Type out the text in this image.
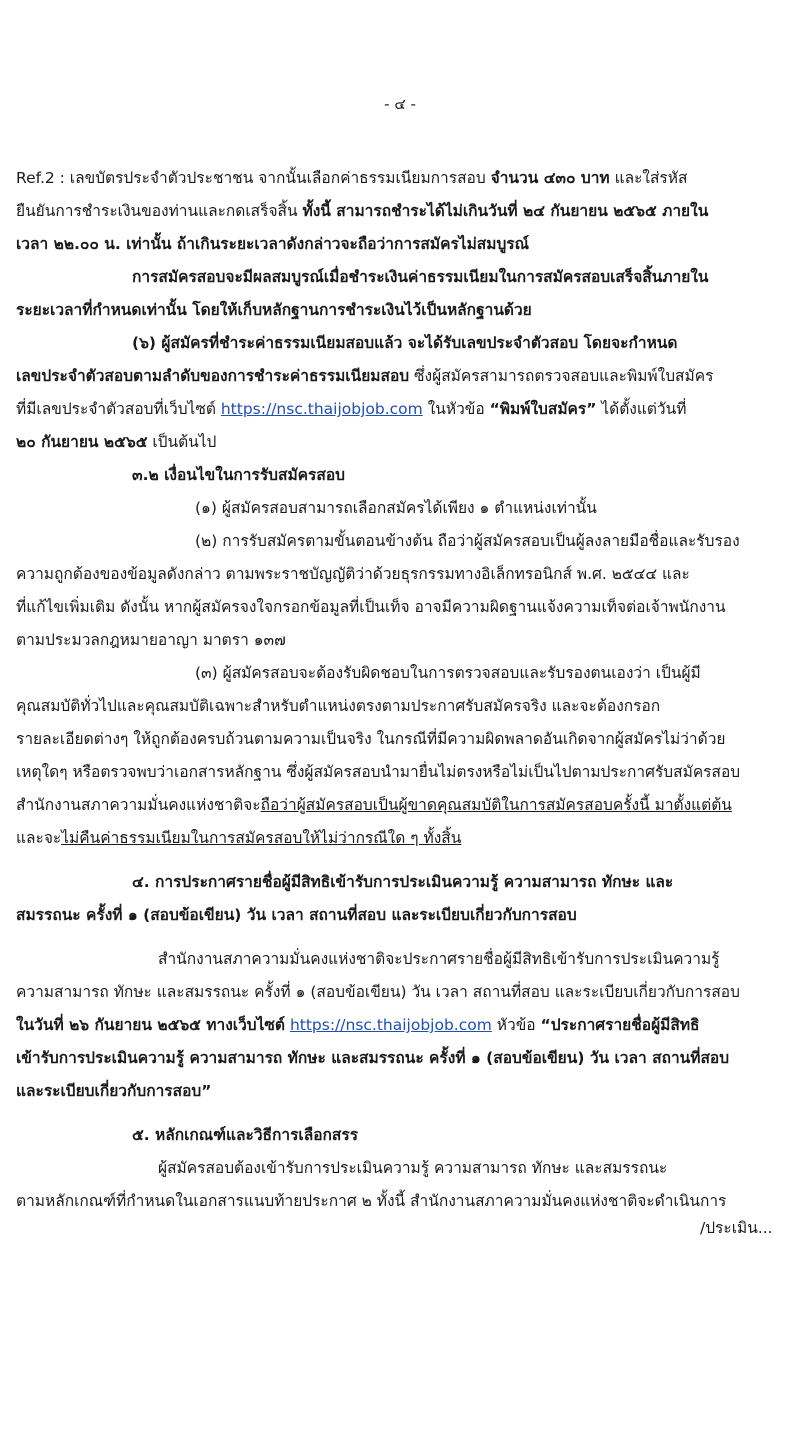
- ๔ -
Ref.2 : เลขบัตรประจำตัวประชาชน จากนั้นเลือกค่าธรรมเนียมการสอบ จำนวน ๔๓๐ บาท และใส่รหัส
ยืนยันการชำระเงินของท่านและกดเสร็จสิ้น ทั้งนี้ สามารถชำระได้ไม่เกินวันที่ ๒๔ กันยายน ๒๕๖๕ ภายใน
เวลา ๒๒.๐๐ น. เท่านั้น ถ้าเกินระยะเวลาดังกล่าวจะถือว่าการสมัครไม่สมบูรณ์
การสมัครสอบจะมีผลสมบูรณ์เมื่อชำระเงินค่าธรรมเนียมในการสมัครสอบเสร็จสิ้นภายใน
ระยะเวลาที่กำหนดเท่านั้น โดยให้เก็บหลักฐานการชำระเงินไว้เป็นหลักฐานด้วย
(๖) ผู้สมัครที่ชำระค่าธรรมเนียมสอบแล้ว จะได้รับเลขประจำตัวสอบ โดยจะกำหนด
เลขประจำตัวสอบตามลำดับของการชำระค่าธรรมเนียมสอบ ซึ่งผู้สมัครสามารถตรวจสอบและพิมพ์ใบสมัคร
ที่มีเลขประจำตัวสอบที่เว็บไซต์ https://nsc.thaijobjob.com ในหัวข้อ “พิมพ์ใบสมัคร” ได้ตั้งแต่วันที่
๒๐ กันยายน ๒๕๖๕ เป็นต้นไป
๓.๒ เงื่อนไขในการรับสมัครสอบ
(๑) ผู้สมัครสอบสามารถเลือกสมัครได้เพียง ๑ ตำแหน่งเท่านั้น
(๒) การรับสมัครตามขั้นตอนข้างต้น ถือว่าผู้สมัครสอบเป็นผู้ลงลายมือชื่อและรับรอง
ความถูกต้องของข้อมูลดังกล่าว ตามพระราชบัญญัติว่าด้วยธุรกรรมทางอิเล็กทรอนิกส์ พ.ศ. ๒๕๔๔ และ
ที่แก้ไขเพิ่มเติม ดังนั้น หากผู้สมัครจงใจกรอกข้อมูลที่เป็นเท็จ อาจมีความผิดฐานแจ้งความเท็จต่อเจ้าพนักงาน
ตามประมวลกฎหมายอาญา มาตรา ๑๓๗
(๓) ผู้สมัครสอบจะต้องรับผิดชอบในการตรวจสอบและรับรองตนเองว่า เป็นผู้มี
คุณสมบัติทั่วไปและคุณสมบัติเฉพาะสำหรับตำแหน่งตรงตามประกาศรับสมัครจริง และจะต้องกรอก
รายละเอียดต่างๆ ให้ถูกต้องครบถ้วนตามความเป็นจริง ในกรณีที่มีความผิดพลาดอันเกิดจากผู้สมัครไม่ว่าด้วย
เหตุใดๆ หรือตรวจพบว่าเอกสารหลักฐาน ซึ่งผู้สมัครสอบนำมายื่นไม่ตรงหรือไม่เป็นไปตามประกาศรับสมัครสอบ
สำนักงานสภาความมั่นคงแห่งชาติจะถือว่าผู้สมัครสอบเป็นผู้ขาดคุณสมบัติในการสมัครสอบครั้งนี้ มาตั้งแต่ต้น
และจะไม่คืนค่าธรรมเนียมในการสมัครสอบให้ไม่ว่ากรณีใด ๆ ทั้งสิ้น
๔. การประกาศรายชื่อผู้มีสิทธิเข้ารับการประเมินความรู้ ความสามารถ ทักษะ และ
สมรรถนะ ครั้งที่ ๑ (สอบข้อเขียน) วัน เวลา สถานที่สอบ และระเบียบเกี่ยวกับการสอบ
สำนักงานสภาความมั่นคงแห่งชาติจะประกาศรายชื่อผู้มีสิทธิเข้ารับการประเมินความรู้
ความสามารถ ทักษะ และสมรรถนะ ครั้งที่ ๑ (สอบข้อเขียน) วัน เวลา สถานที่สอบ และระเบียบเกี่ยวกับการสอบ
ในวันที่ ๒๖ กันยายน ๒๕๖๕ ทางเว็บไซต์ https://nsc.thaijobjob.com หัวข้อ “ประกาศรายชื่อผู้มีสิทธิ
เข้ารับการประเมินความรู้ ความสามารถ ทักษะ และสมรรถนะ ครั้งที่ ๑ (สอบข้อเขียน) วัน เวลา สถานที่สอบ
และระเบียบเกี่ยวกับการสอบ”
๕. หลักเกณฑ์และวิธีการเลือกสรร
ผู้สมัครสอบต้องเข้ารับการประเมินความรู้ ความสามารถ ทักษะ และสมรรถนะ
ตามหลักเกณฑ์ที่กำหนดในเอกสารแนบท้ายประกาศ ๒ ทั้งนี้ สำนักงานสภาความมั่นคงแห่งชาติจะดำเนินการ
/ประเมิน...
